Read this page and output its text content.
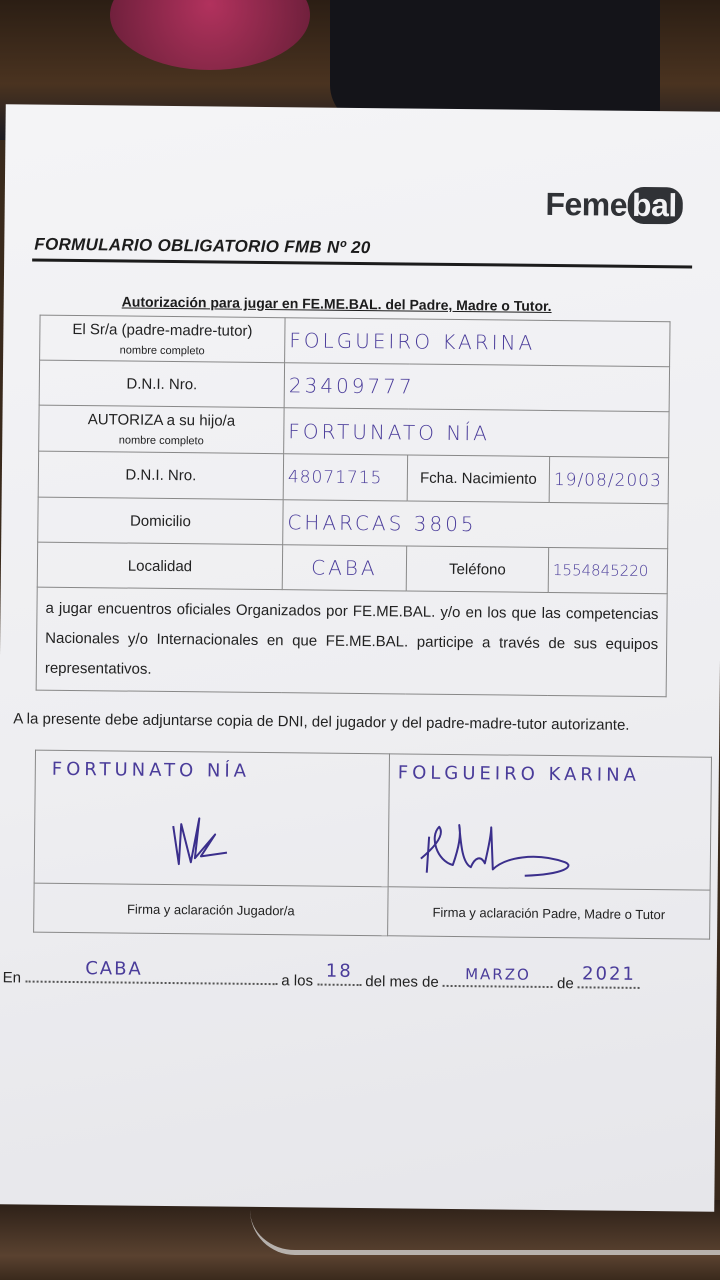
Feme bal
FORMULARIO OBLIGATORIO FMB Nº 20
Autorización para jugar en FE.ME.BAL. del Padre, Madre o Tutor.
El Sr/a (padre-madre-tutor)
nombre completo	FOLGUEIRO KARINA		
D.N.I. Nro.	23409777		
AUTORIZA a su hijo/a
nombre completo	FORTUNATO NÍA		
D.N.I. Nro.	48071715	Fcha. Nacimiento	19/08/2003
Domicilio	CHARCAS 3805		
Localidad	CABA	Teléfono	1554845220
a jugar encuentros oficiales Organizados por FE.ME.BAL. y/o en los que las competencias Nacionales y/o Internacionales en que FE.ME.BAL. participe a través de sus equipos representativos.			
A la presente debe adjuntarse copia de DNI, del jugador y del padre-madre-tutor autorizante.
FORTUNATO NÍA	FOLGUEIRO KARINA

Firma y aclaración Jugador/a	Firma y aclaración Padre, Madre o Tutor
En	CABA
a los 18
del mes de	MARZO	de 2021
